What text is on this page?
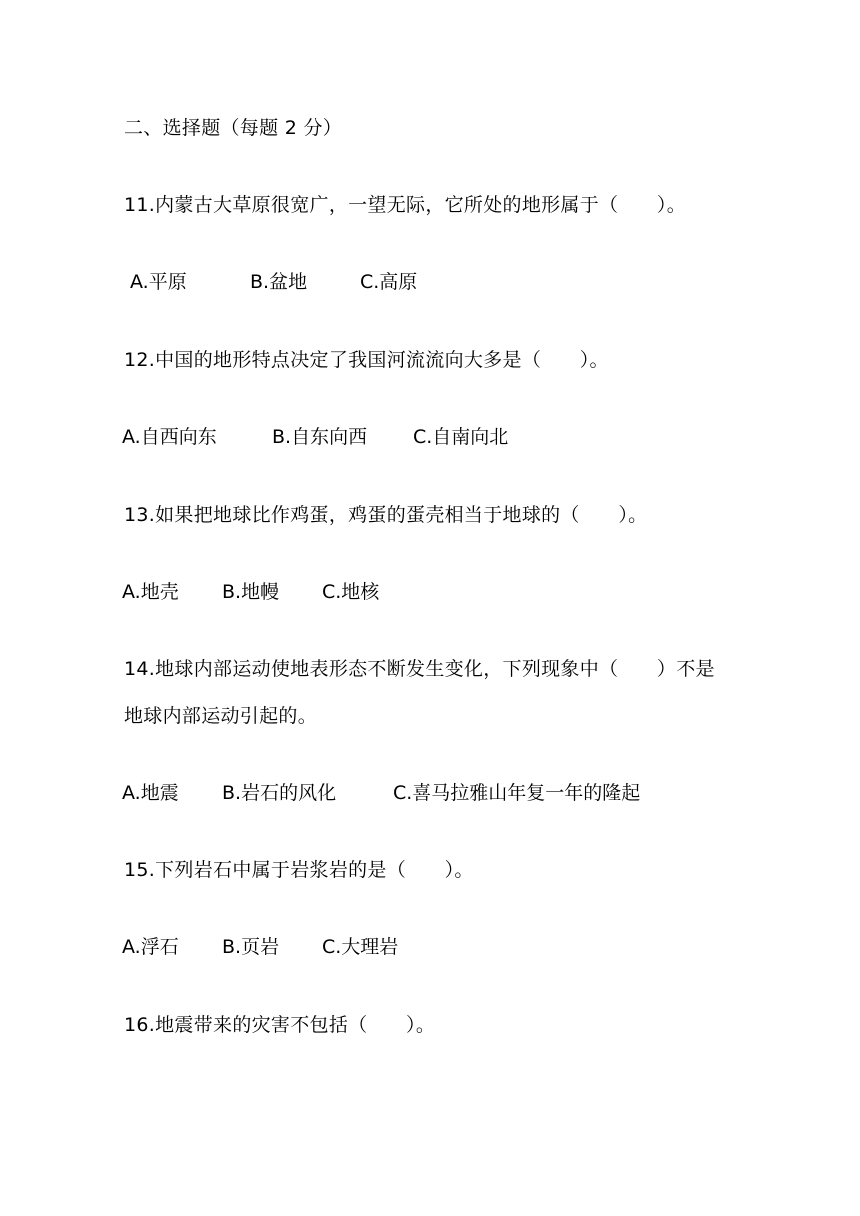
二、选择题（每题 2 分）
11.内蒙古大草原很宽广，一望无际，它所处的地形属于（　　）。
A.平原	B.盆地	C.高原
12.中国的地形特点决定了我国河流流向大多是（　　）。
A.自西向东	B.自东向西 C.自南向北
13.如果把地球比作鸡蛋，鸡蛋的蛋壳相当于地球的（　　）。
A.地壳 B.地幔 C.地核
14.地球内部运动使地表形态不断发生变化，下列现象中（　　）不是
地球内部运动引起的。
A.地震 B.岩石的风化	C.喜马拉雅山年复一年的隆起
15.下列岩石中属于岩浆岩的是（　　）。
A.浮石 B.页岩 C.大理岩
16.地震带来的灾害不包括（　　）。
